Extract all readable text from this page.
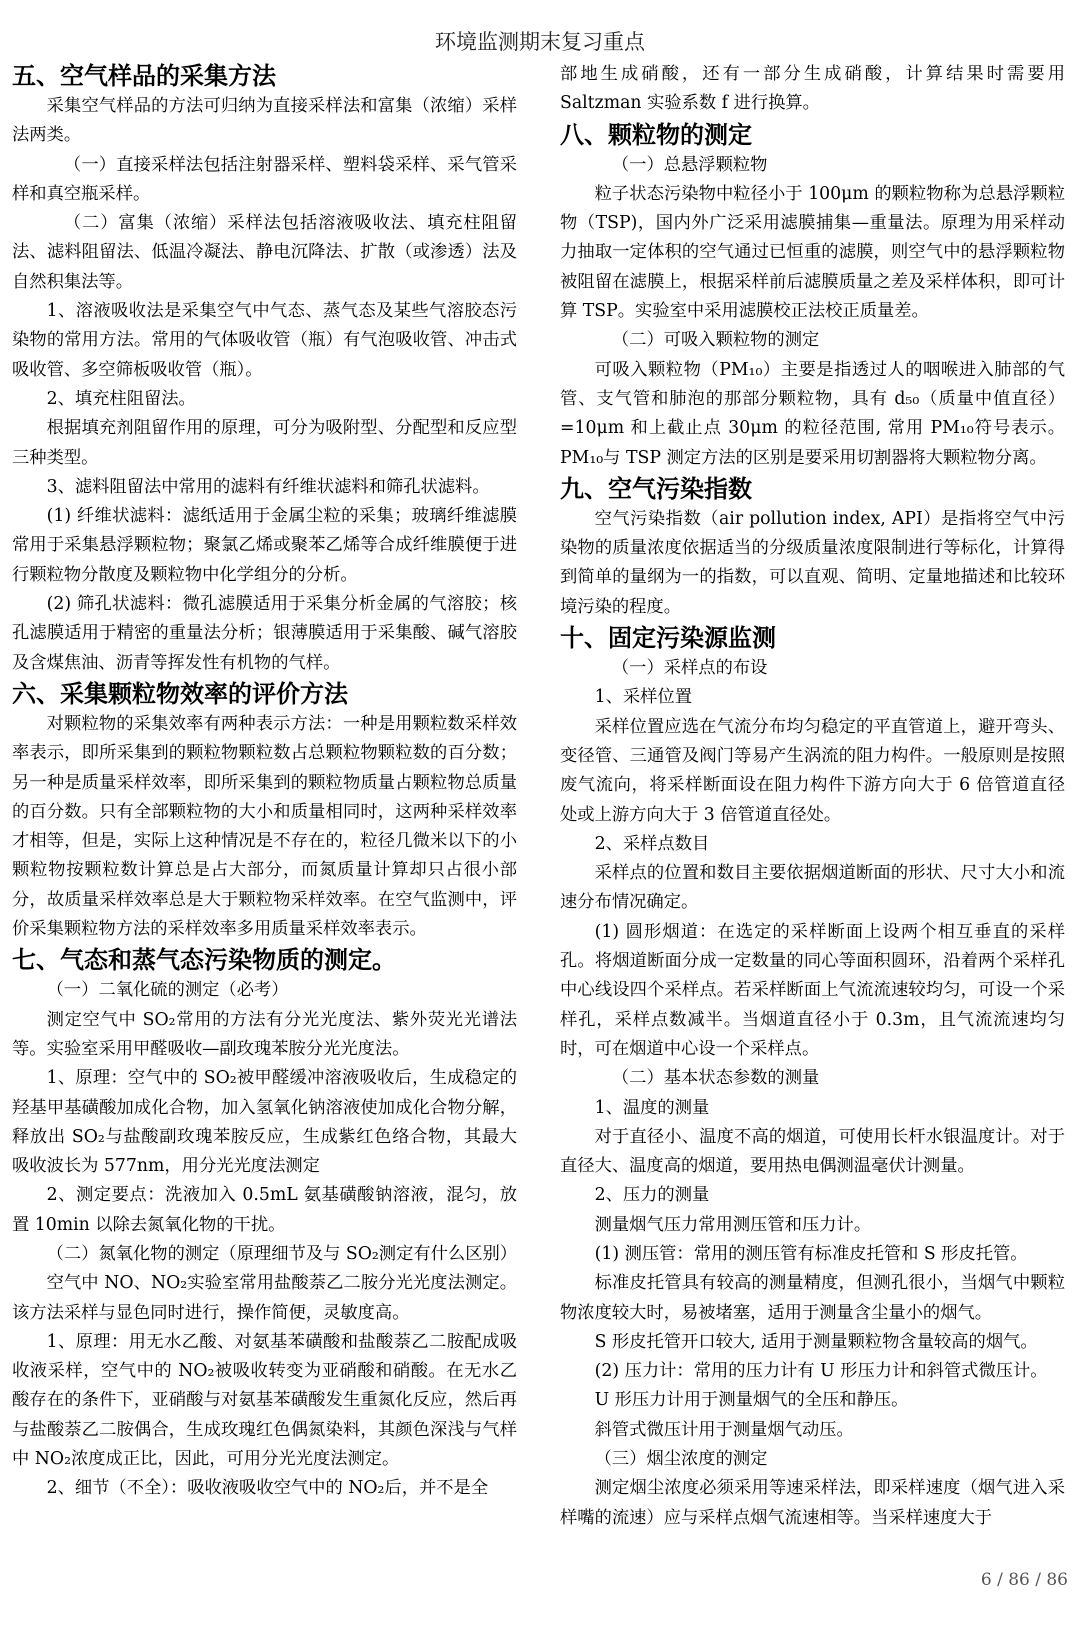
环境监测期末复习重点
五、空气样品的采集方法

采集空气样品的方法可归纳为直接采样法和富集（浓缩）采样法两类。

（一）直接采样法包括注射器采样、塑料袋采样、采气管采样和真空瓶采样。

（二）富集（浓缩）采样法包括溶液吸收法、填充柱阻留法、滤料阻留法、低温冷凝法、静电沉降法、扩散（或渗透）法及自然积集法等。

1、溶液吸收法是采集空气中气态、蒸气态及某些气溶胶态污染物的常用方法。常用的气体吸收管（瓶）有气泡吸收管、冲击式吸收管、多空筛板吸收管（瓶）。

2、填充柱阻留法。

根据填充剂阻留作用的原理，可分为吸附型、分配型和反应型三种类型。

3、滤料阻留法中常用的滤料有纤维状滤料和筛孔状滤料。

(1) 纤维状滤料：滤纸适用于金属尘粒的采集；玻璃纤维滤膜常用于采集悬浮颗粒物；聚氯乙烯或聚苯乙烯等合成纤维膜便于进行颗粒物分散度及颗粒物中化学组分的分析。

(2) 筛孔状滤料：微孔滤膜适用于采集分析金属的气溶胶；核孔滤膜适用于精密的重量法分析；银薄膜适用于采集酸、碱气溶胶及含煤焦油、沥青等挥发性有机物的气样。

六、采集颗粒物效率的评价方法

对颗粒物的采集效率有两种表示方法：一种是用颗粒数采样效率表示，即所采集到的颗粒物颗粒数占总颗粒物颗粒数的百分数；另一种是质量采样效率，即所采集到的颗粒物质量占颗粒物总质量的百分数。只有全部颗粒物的大小和质量相同时，这两种采样效率才相等，但是，实际上这种情况是不存在的，粒径几微米以下的小颗粒物按颗粒数计算总是占大部分，而氮质量计算却只占很小部分，故质量采样效率总是大于颗粒物采样效率。在空气监测中，评价采集颗粒物方法的采样效率多用质量采样效率表示。

七、气态和蒸气态污染物质的测定。

（一）二氧化硫的测定（必考）

测定空气中 SO₂常用的方法有分光光度法、紫外荧光光谱法等。实验室采用甲醛吸收—副玫瑰苯胺分光光度法。

1、原理：空气中的 SO₂被甲醛缓冲溶液吸收后，生成稳定的羟基甲基磺酸加成化合物，加入氢氧化钠溶液使加成化合物分解，释放出 SO₂与盐酸副玫瑰苯胺反应，生成紫红色络合物，其最大吸收波长为 577nm，用分光光度法测定

2、测定要点：洗液加入 0.5mL 氨基磺酸钠溶液，混匀，放置 10min 以除去氮氧化物的干扰。

（二）氮氧化物的测定（原理细节及与 SO₂测定有什么区别）

空气中 NO、NO₂实验室常用盐酸萘乙二胺分光光度法测定。该方法采样与显色同时进行，操作简便，灵敏度高。

1、原理：用无水乙酸、对氨基苯磺酸和盐酸萘乙二胺配成吸收液采样，空气中的 NO₂被吸收转变为亚硝酸和硝酸。在无水乙酸存在的条件下，亚硝酸与对氨基苯磺酸发生重氮化反应，然后再与盐酸萘乙二胺偶合，生成玫瑰红色偶氮染料，其颜色深浅与气样中 NO₂浓度成正比，因此，可用分光光度法测定。

2、细节（不全）：吸收液吸收空气中的 NO₂后，并不是全

部地生成硝酸，还有一部分生成硝酸，计算结果时需要用 Saltzman 实验系数 f 进行换算。

八、颗粒物的测定

（一）总悬浮颗粒物

粒子状态污染物中粒径小于 100μm 的颗粒物称为总悬浮颗粒物（TSP)，国内外广泛采用滤膜捕集—重量法。原理为用采样动力抽取一定体积的空气通过已恒重的滤膜，则空气中的悬浮颗粒物被阻留在滤膜上，根据采样前后滤膜质量之差及采样体积，即可计算 TSP。实验室中采用滤膜校正法校正质量差。

（二）可吸入颗粒物的测定

可吸入颗粒物（PM₁₀）主要是指透过人的咽喉进入肺部的气管、支气管和肺泡的那部分颗粒物，具有 d₅₀（质量中值直径）=10μm 和上截止点 30μm 的粒径范围, 常用 PM₁₀符号表示。PM₁₀与 TSP 测定方法的区别是要采用切割器将大颗粒物分离。

九、空气污染指数

空气污染指数（air pollution index, API）是指将空气中污染物的质量浓度依据适当的分级质量浓度限制进行等标化，计算得到简单的量纲为一的指数，可以直观、简明、定量地描述和比较环境污染的程度。

十、固定污染源监测

（一）采样点的布设

1、采样位置

采样位置应选在气流分布均匀稳定的平直管道上，避开弯头、变径管、三通管及阀门等易产生涡流的阻力构件。一般原则是按照废气流向，将采样断面设在阻力构件下游方向大于 6 倍管道直径处或上游方向大于 3 倍管道直径处。

2、采样点数目

采样点的位置和数目主要依据烟道断面的形状、尺寸大小和流速分布情况确定。

(1) 圆形烟道：在选定的采样断面上设两个相互垂直的采样孔。将烟道断面分成一定数量的同心等面积圆环，沿着两个采样孔中心线设四个采样点。若采样断面上气流流速较均匀，可设一个采样孔，采样点数减半。当烟道直径小于 0.3m，且气流流速均匀时，可在烟道中心设一个采样点。

（二）基本状态参数的测量

1、温度的测量

对于直径小、温度不高的烟道，可使用长杆水银温度计。对于直径大、温度高的烟道，要用热电偶测温毫伏计测量。

2、压力的测量

测量烟气压力常用测压管和压力计。

(1) 测压管：常用的测压管有标准皮托管和 S 形皮托管。

标准皮托管具有较高的测量精度，但测孔很小，当烟气中颗粒物浓度较大时，易被堵塞，适用于测量含尘量小的烟气。

S 形皮托管开口较大, 适用于测量颗粒物含量较高的烟气。

(2) 压力计：常用的压力计有 U 形压力计和斜管式微压计。

U 形压力计用于测量烟气的全压和静压。

斜管式微压计用于测量烟气动压。

（三）烟尘浓度的测定

测定烟尘浓度必须采用等速采样法，即采样速度（烟气进入采样嘴的流速）应与采样点烟气流速相等。当采样速度大于

6 / 86 / 86
